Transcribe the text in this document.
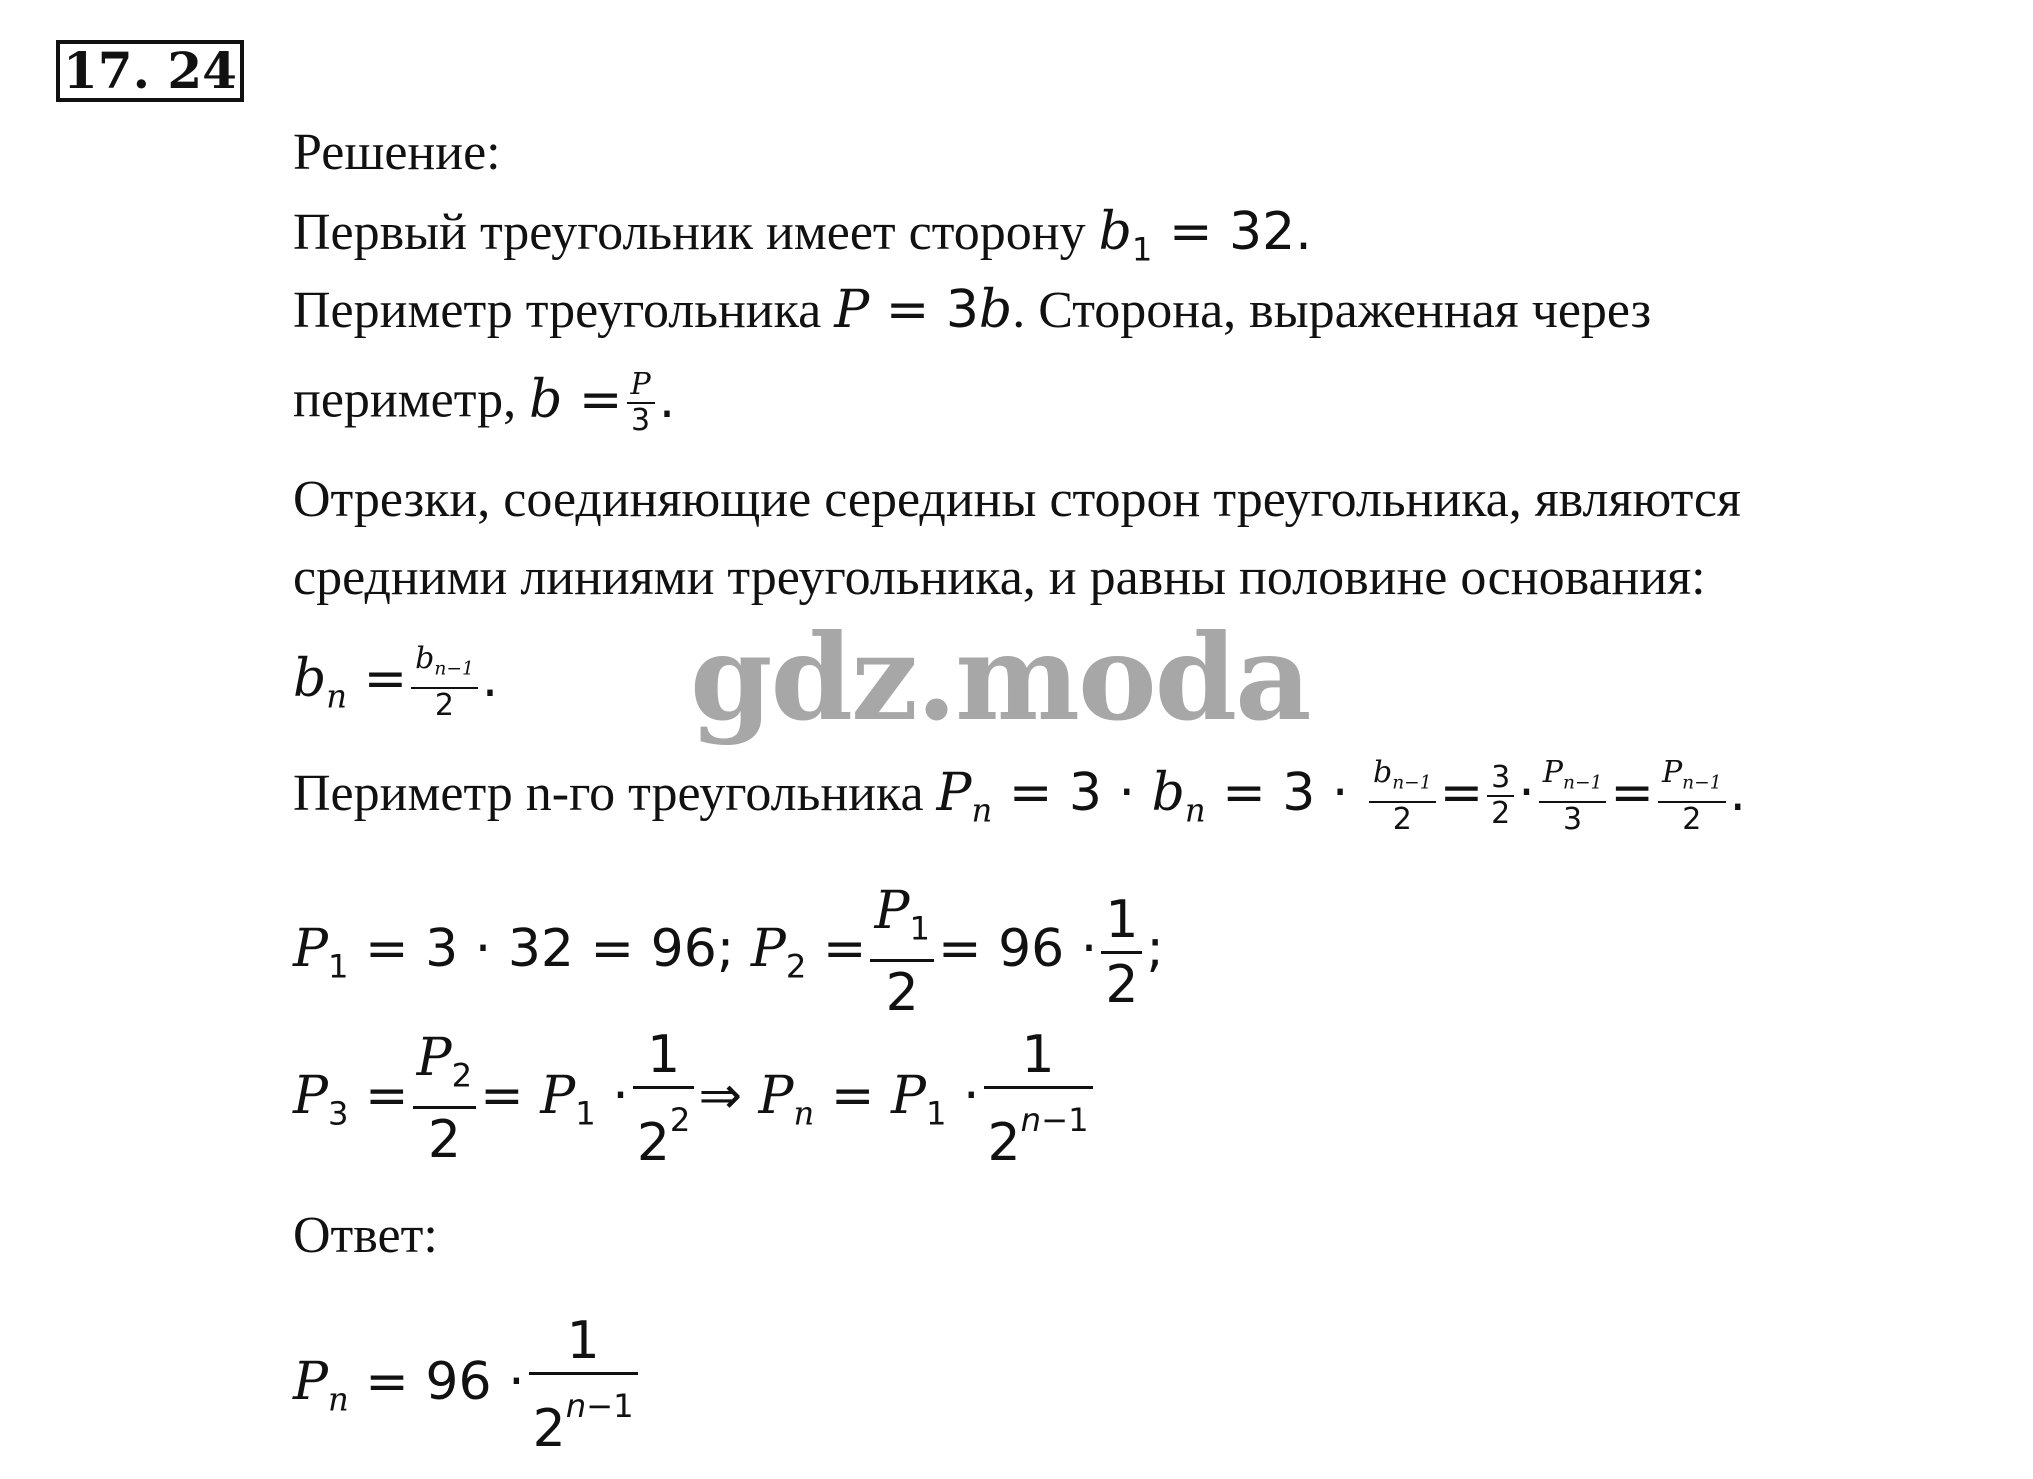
17. 24
Решение:
Первый треугольник имеет сторону $b_1 = 32$.
Периметр треугольника P = 3b. Сторона, выраженная через
периметр, $b = \frac{P}{3}$ .
Отрезки, соединяющие середины сторон треугольника, являются
средними линиями треугольника, и равны половине основания:
$b_n = \frac{b_{n-1}}{2}$ . gdz.moda
Периметр n-го треугольника $P_n = 3 \cdot b_n = 3 \cdot \frac{b_{n-1}}{2} = \frac{3}{2} \cdot \frac{P_{n-1}}{3} = \frac{P_{n-1}}{2}$ .
$P_1 = 3 \cdot 32 = 96$; $P_2 = \frac{P_1}{2} = 96 \cdot \frac{1}{2}$ ;
$P_3 = \frac{P_2}{2} = P_1 \cdot \frac{1}{2^2}$ ⇒ $P_n = P_1 \cdot \frac{1}{2^{n-1}}$
Ответ:
$P_n = 96 \cdot \frac{1}{2^{n-1}}$
